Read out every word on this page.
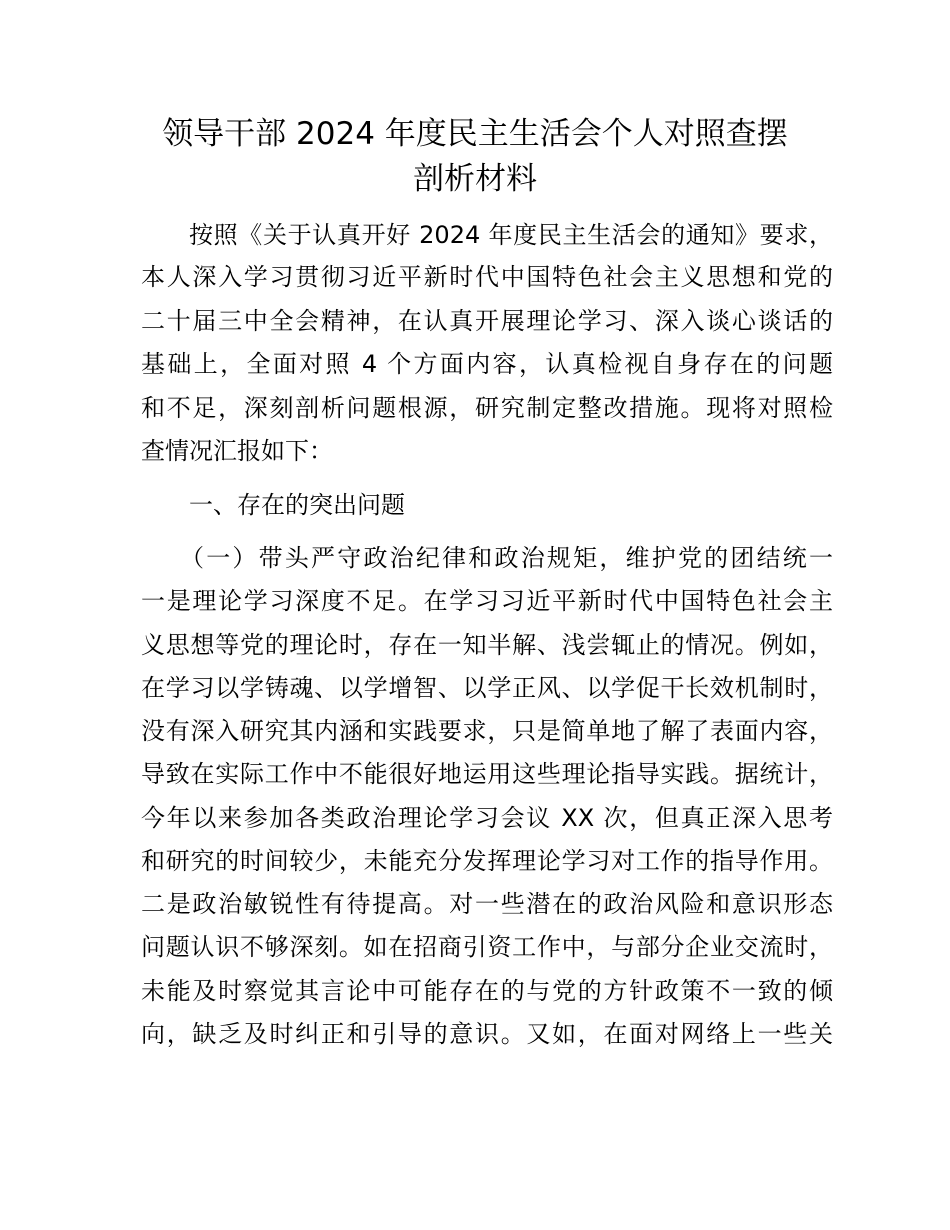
领导干部 2024 年度民主生活会个人对照查摆
剖析材料
按照《关于认真开好 2024 年度民主生活会的通知》要求，
本人深入学习贯彻习近平新时代中国特色社会主义思想和党的
二十届三中全会精神，在认真开展理论学习、深入谈心谈话的
基础上，全面对照 4 个方面内容，认真检视自身存在的问题
和不足，深刻剖析问题根源，研究制定整改措施。现将对照检
查情况汇报如下：
一、存在的突出问题
（一）带头严守政治纪律和政治规矩，维护党的团结统一
一是理论学习深度不足。在学习习近平新时代中国特色社会主
义思想等党的理论时，存在一知半解、浅尝辄止的情况。例如，
在学习以学铸魂、以学增智、以学正风、以学促干长效机制时，
没有深入研究其内涵和实践要求，只是简单地了解了表面内容，
导致在实际工作中不能很好地运用这些理论指导实践。据统计，
今年以来参加各类政治理论学习会议 XX 次，但真正深入思考
和研究的时间较少，未能充分发挥理论学习对工作的指导作用。
二是政治敏锐性有待提高。对一些潜在的政治风险和意识形态
问题认识不够深刻。如在招商引资工作中，与部分企业交流时，
未能及时察觉其言论中可能存在的与党的方针政策不一致的倾
向，缺乏及时纠正和引导的意识。又如，在面对网络上一些关
